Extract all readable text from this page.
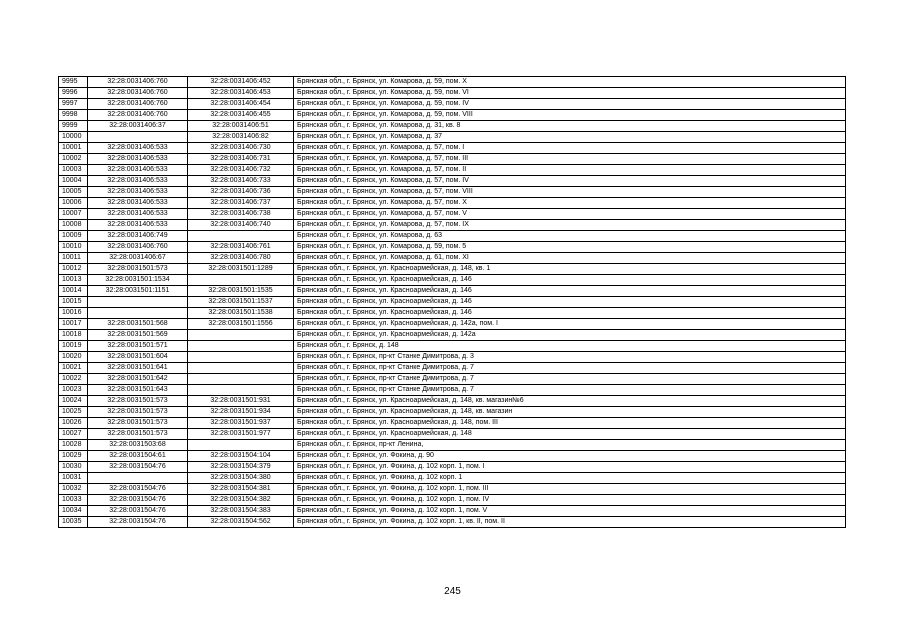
9995	32:28:0031406:760	32:28:0031406:452	Брянская обл., г. Брянск, ул. Комарова, д. 59, пом. X
9996	32:28:0031406:760	32:28:0031406:453	Брянская обл., г. Брянск, ул. Комарова, д. 59, пом. VI
9997	32:28:0031406:760	32:28:0031406:454	Брянская обл., г. Брянск, ул. Комарова, д. 59, пом. IV
9998	32:28:0031406:760	32:28:0031406:455	Брянская обл., г. Брянск, ул. Комарова, д. 59, пом. VIII
9999	32:28:0031406:37	32:28:0031406:51	Брянская обл., г. Брянск, ул. Комарова, д. 31, кв. 8
10000		32:28:0031406:82	Брянская обл., г. Брянск, ул. Комарова, д. 37
10001	32:28:0031406:533	32:28:0031406:730	Брянская обл., г. Брянск, ул. Комарова, д. 57, пом. I
10002	32:28:0031406:533	32:28:0031406:731	Брянская обл., г. Брянск, ул. Комарова, д. 57, пом. III
10003	32:28:0031406:533	32:28:0031406:732	Брянская обл., г. Брянск, ул. Комарова, д. 57, пом. II
10004	32:28:0031406:533	32:28:0031406:733	Брянская обл., г. Брянск, ул. Комарова, д. 57, пом. IV
10005	32:28:0031406:533	32:28:0031406:736	Брянская обл., г. Брянск, ул. Комарова, д. 57, пом. VIII
10006	32:28:0031406:533	32:28:0031406:737	Брянская обл., г. Брянск, ул. Комарова, д. 57, пом. X
10007	32:28:0031406:533	32:28:0031406:738	Брянская обл., г. Брянск, ул. Комарова, д. 57, пом. V
10008	32:28:0031406:533	32:28:0031406:740	Брянская обл., г. Брянск, ул. Комарова, д. 57, пом. IX
10009	32:28:0031406:749		Брянская обл., г. Брянск, ул. Комарова, д. 63
10010	32:28:0031406:760	32:28:0031406:761	Брянская обл., г. Брянск, ул. Комарова, д. 59, пом. 5
10011	32:28:0031406:67	32:28:0031406:780	Брянская обл., г. Брянск, ул. Комарова, д. 61, пом. XI
10012	32:28:0031501:573	32:28:0031501:1289	Брянская обл., г. Брянск, ул. Красноармейская, д. 148, кв. 1
10013	32:28:0031501:1534		Брянская обл., г. Брянск, ул. Красноармейская, д. 146
10014	32:28:0031501:1151	32:28:0031501:1535	Брянская обл., г. Брянск, ул. Красноармейская, д. 146
10015		32:28:0031501:1537	Брянская обл., г. Брянск, ул. Красноармейская, д. 146
10016		32:28:0031501:1538	Брянская обл., г. Брянск, ул. Красноармейская, д. 146
10017	32:28:0031501:568	32:28:0031501:1556	Брянская обл., г. Брянск, ул. Красноармейская, д. 142а, пом. I
10018	32:28:0031501:569		Брянская обл., г. Брянск, ул. Красноармейская, д. 142а
10019	32:28:0031501:571		Брянская обл., г. Брянск, д. 148
10020	32:28:0031501:604		Брянская обл., г. Брянск, пр-кт Станке Димитрова, д. 3
10021	32:28:0031501:641		Брянская обл., г. Брянск, пр-кт Станке Димитрова, д. 7
10022	32:28:0031501:642		Брянская обл., г. Брянск, пр-кт Станке Димитрова, д. 7
10023	32:28:0031501:643		Брянская обл., г. Брянск, пр-кт Станке Димитрова, д. 7
10024	32:28:0031501:573	32:28:0031501:931	Брянская обл., г. Брянск, ул. Красноармейская, д. 148, кв. магазин№6
10025	32:28:0031501:573	32:28:0031501:934	Брянская обл., г. Брянск, ул. Красноармейская, д. 148, кв. магазин
10026	32:28:0031501:573	32:28:0031501:937	Брянская обл., г. Брянск, ул. Красноармейская, д. 148, пом. III
10027	32:28:0031501:573	32:28:0031501:977	Брянская обл., г. Брянск, ул. Красноармейская, д. 148
10028	32:28:0031503:68		Брянская обл., г. Брянск, пр-кт Ленина,
10029	32:28:0031504:61	32:28:0031504:104	Брянская обл., г. Брянск, ул. Фокина, д. 90
10030	32:28:0031504:76	32:28:0031504:379	Брянская обл., г. Брянск, ул. Фокина, д. 102 корп. 1, пом. I
10031		32:28:0031504:380	Брянская обл., г. Брянск, ул. Фокина, д. 102 корп. 1
10032	32:28:0031504:76	32:28:0031504:381	Брянская обл., г. Брянск, ул. Фокина, д. 102 корп. 1, пом. III
10033	32:28:0031504:76	32:28:0031504:382	Брянская обл., г. Брянск, ул. Фокина, д. 102 корп. 1, пом. IV
10034	32:28:0031504:76	32:28:0031504:383	Брянская обл., г. Брянск, ул. Фокина, д. 102 корп. 1, пом. V
10035	32:28:0031504:76	32:28:0031504:562	Брянская обл., г. Брянск, ул. Фокина, д. 102 корп. 1, кв. II, пом. II
245
